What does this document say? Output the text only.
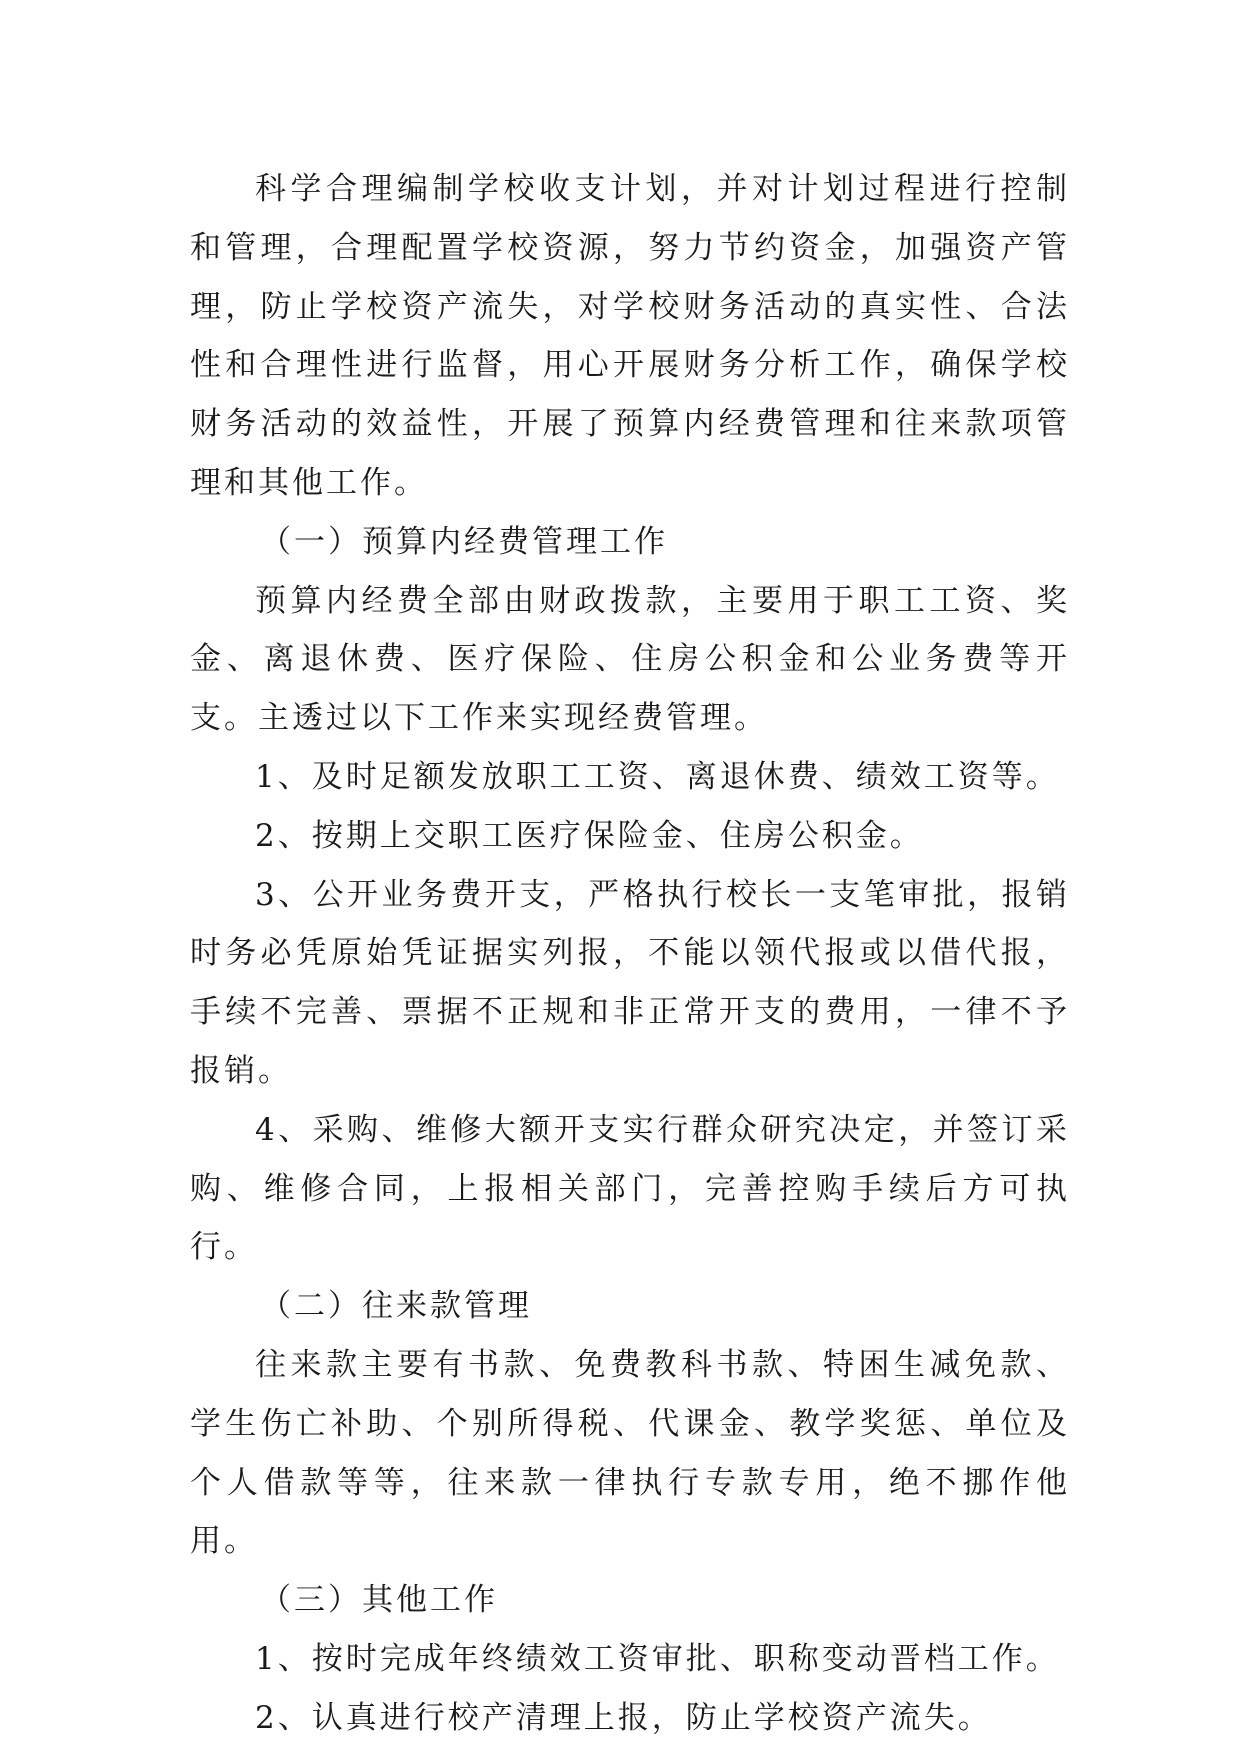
科学合理编制学校收支计划，并对计划过程进行控制和管理，合理配置学校资源，努力节约资金，加强资产管理，防止学校资产流失，对学校财务活动的真实性、合法性和合理性进行监督，用心开展财务分析工作，确保学校财务活动的效益性，开展了预算内经费管理和往来款项管理和其他工作。

（一）预算内经费管理工作

预算内经费全部由财政拨款，主要用于职工工资、奖金、离退休费、医疗保险、住房公积金和公业务费等开支。主透过以下工作来实现经费管理。

1、及时足额发放职工工资、离退休费、绩效工资等。

2、按期上交职工医疗保险金、住房公积金。

3、公开业务费开支，严格执行校长一支笔审批，报销时务必凭原始凭证据实列报，不能以领代报或以借代报，手续不完善、票据不正规和非正常开支的费用，一律不予报销。

4、采购、维修大额开支实行群众研究决定，并签订采购、维修合同，上报相关部门，完善控购手续后方可执行。

（二）往来款管理

往来款主要有书款、免费教科书款、特困生减免款、学生伤亡补助、个别所得税、代课金、教学奖惩、单位及个人借款等等，往来款一律执行专款专用，绝不挪作他用。

（三）其他工作

1、按时完成年终绩效工资审批、职称变动晋档工作。

2、认真进行校产清理上报，防止学校资产流失。
